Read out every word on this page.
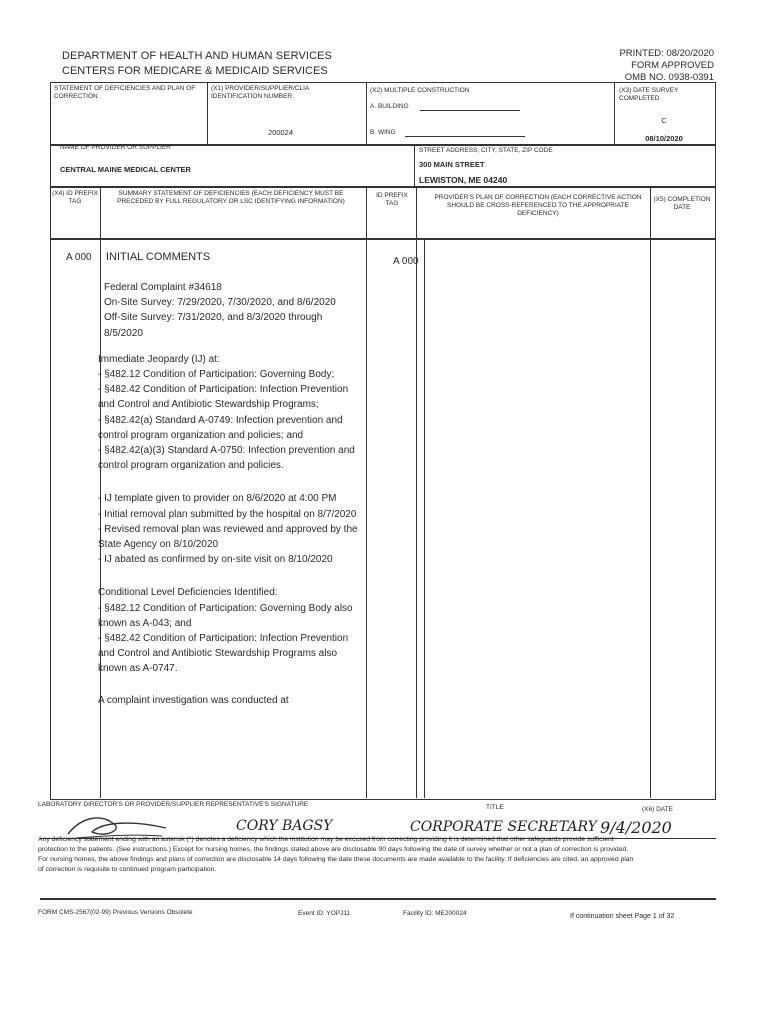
DEPARTMENT OF HEALTH AND HUMAN SERVICES
CENTERS FOR MEDICARE & MEDICAID SERVICES
PRINTED: 08/20/2020
FORM APPROVED
OMB NO. 0938-0391
STATEMENT OF DEFICIENCIES AND PLAN OF CORRECTION
(X1) PROVIDER/SUPPLIER/CLIA IDENTIFICATION NUMBER:
200024
(X2) MULTIPLE CONSTRUCTION
A. BUILDING
B. WING
(X3) DATE SURVEY COMPLETED
C
08/10/2020
NAME OF PROVIDER OR SUPPLIER
CENTRAL MAINE MEDICAL CENTER
STREET ADDRESS, CITY, STATE, ZIP CODE
300 MAIN STREET
LEWISTON, ME 04240
(X4) ID PREFIX TAG
SUMMARY STATEMENT OF DEFICIENCIES (EACH DEFICIENCY MUST BE PRECEDED BY FULL REGULATORY OR LSC IDENTIFYING INFORMATION)
ID PREFIX TAG
PROVIDER'S PLAN OF CORRECTION (EACH CORRECTIVE ACTION SHOULD BE CROSS-REFERENCED TO THE APPROPRIATE DEFICIENCY)
(X5) COMPLETION DATE
A 000 INITIAL COMMENTS	A 000

Federal Complaint #34618
On-Site Survey: 7/29/2020, 7/30/2020, and 8/6/2020
Off-Site Survey: 7/31/2020, and 8/3/2020 through 8/5/2020

Immediate Jeopardy (IJ) at:
- §482.12 Condition of Participation: Governing Body;
- §482.42 Condition of Participation: Infection Prevention and Control and Antibiotic Stewardship Programs;
- §482.42(a) Standard A-0749: Infection prevention and control program organization and policies; and
- §482.42(a)(3) Standard A-0750: Infection prevention and control program organization and policies.

- IJ template given to provider on 8/6/2020 at 4:00 PM
- Initial removal plan submitted by the hospital on 8/7/2020
- Revised removal plan was reviewed and approved by the State Agency on 8/10/2020
- IJ abated as confirmed by on-site visit on 8/10/2020

Conditional Level Deficiencies Identified:
- §482.12 Condition of Participation: Governing Body also known as A-043; and
- §482.42 Condition of Participation: Infection Prevention and Control and Antibiotic Stewardship Programs also known as A-0747.

A complaint investigation was conducted at

LABORATORY DIRECTOR'S OR PROVIDER/SUPPLIER REPRESENTATIVE'S SIGNATURE	TITLE	(X6) DATE
CORY BAGSY	CORPORATE SECRETARY 9/4/2020
Any deficiency statement ending with an asterisk (*) denotes a deficiency which the institution may be excused from correcting providing it is determined that other safeguards provide sufficient protection to the patients. (See instructions.) Except for nursing homes, the findings stated above are disclosable 90 days following the date of survey whether or not a plan of correction is provided. For nursing homes, the above findings and plans of correction are disclosable 14 days following the date these documents are made available to the facility. If deficiencies are cited, an approved plan of correction is requisite to continued program participation.
FORM CMS-2567(02-99) Previous Versions Obsolete	Event ID: YOPJ11	Facility ID: ME200024	If continuation sheet Page 1 of 32
